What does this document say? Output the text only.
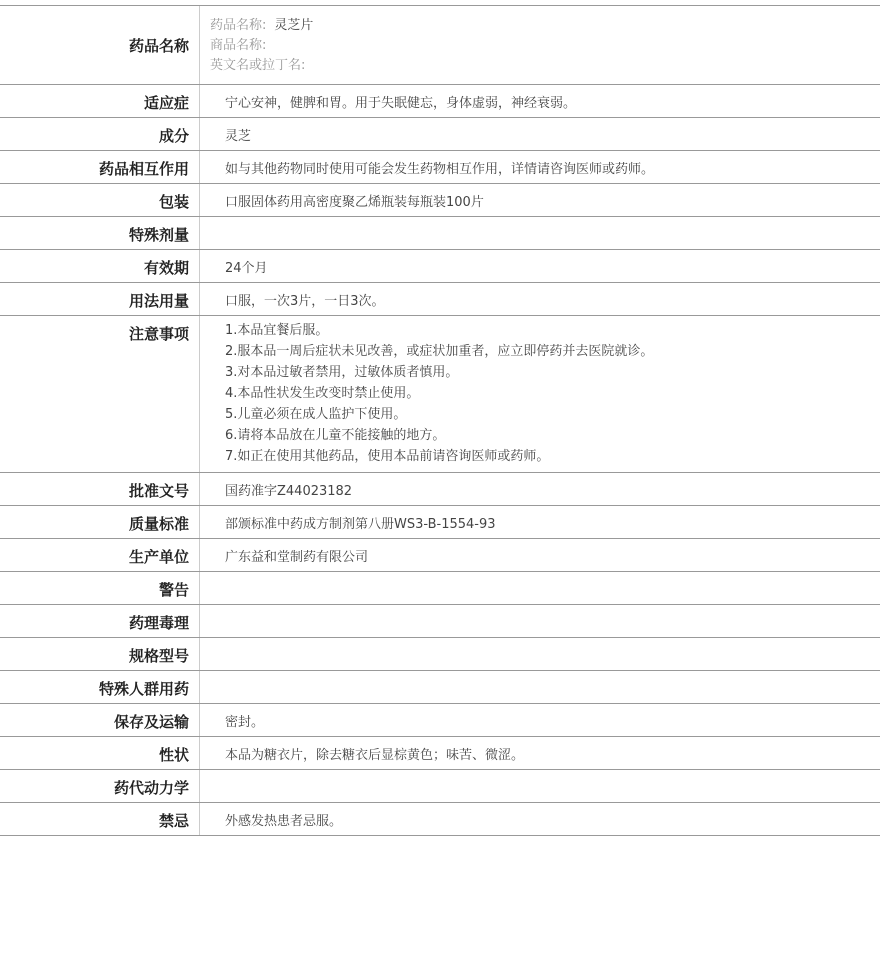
药品名称
药品名称: 灵芝片
商品名称:
英文名或拉丁名:
适应症	宁心安神，健脾和胃。用于失眠健忘，身体虚弱，神经衰弱。
成分	灵芝
药品相互作用	如与其他药物同时使用可能会发生药物相互作用，详情请咨询医师或药师。
包装	口服固体药用高密度聚乙烯瓶装每瓶装100片
特殊剂量
有效期	24个月
用法用量	口服，一次3片，一日3次。
注意事项	1.本品宜餐后服。
2.服本品一周后症状未见改善，或症状加重者，应立即停药并去医院就诊。
3.对本品过敏者禁用，过敏体质者慎用。
4.本品性状发生改变时禁止使用。
5.儿童必须在成人监护下使用。
6.请将本品放在儿童不能接触的地方。
7.如正在使用其他药品，使用本品前请咨询医师或药师。
批准文号	国药准字Z44023182
质量标准	部颁标准中药成方制剂第八册WS3-B-1554-93
生产单位	广东益和堂制药有限公司
警告
药理毒理
规格型号
特殊人群用药
保存及运输	密封。
性状	本品为糖衣片，除去糖衣后显棕黄色；味苦、微涩。
药代动力学
禁忌	外感发热患者忌服。
